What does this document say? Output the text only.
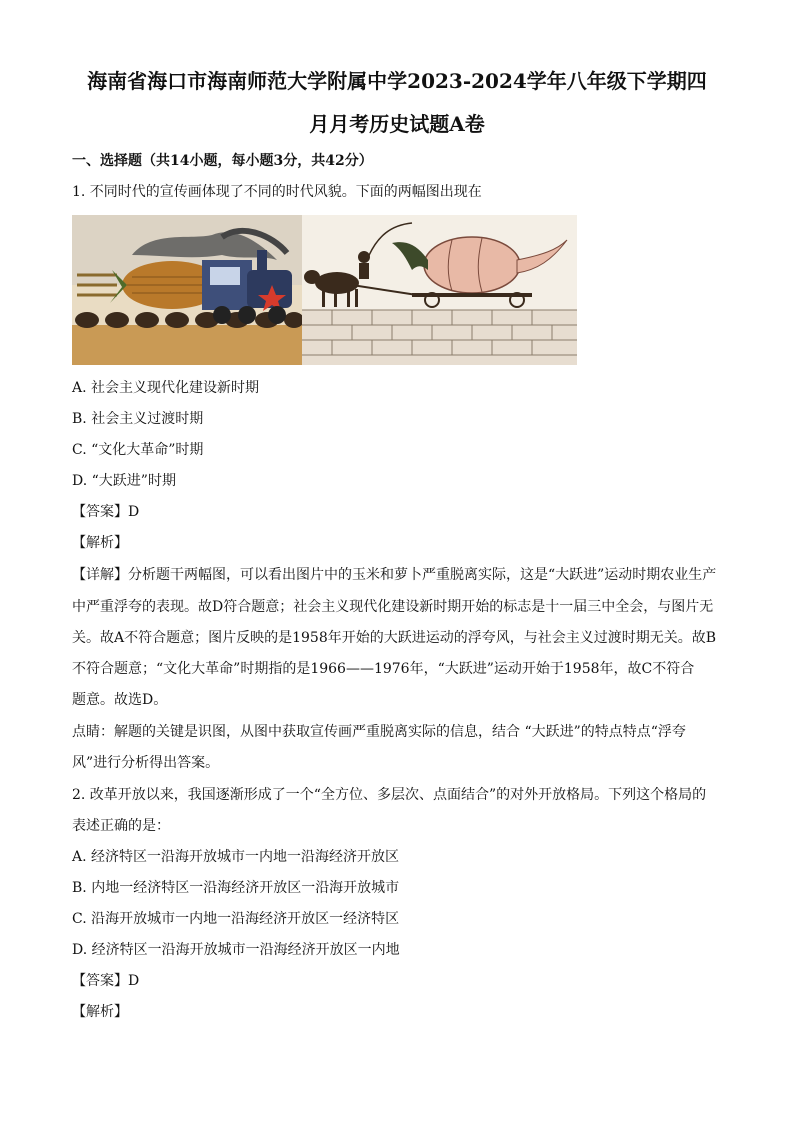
海南省海口市海南师范大学附属中学2023-2024学年八年级下学期四
月月考历史试题A卷
一、选择题（共14小题，每小题3分，共42分）
1. 不同时代的宣传画体现了不同的时代风貌。下面的两幅图出现在
A. 社会主义现代化建设新时期
B. 社会主义过渡时期
C. “文化大革命”时期
D. “大跃进”时期
【答案】D
【解析】
【详解】分析题干两幅图，可以看出图片中的玉米和萝卜严重脱离实际，这是“大跃进”运动时期农业生产
中严重浮夸的表现。故D符合题意；社会主义现代化建设新时期开始的标志是十一届三中全会，与图片无
关。故A不符合题意；图片反映的是1958年开始的大跃进运动的浮夸风，与社会主义过渡时期无关。故B
不符合题意；“文化大革命”时期指的是1966——1976年，“大跃进”运动开始于1958年，故C不符合
题意。故选D。
点睛：解题的关键是识图，从图中获取宣传画严重脱离实际的信息，结合 “大跃进”的特点特点“浮夸
风”进行分析得出答案。
2. 改革开放以来，我国逐渐形成了一个“全方位、多层次、点面结合”的对外开放格局。下列这个格局的
表述正确的是：
A. 经济特区一沿海开放城市一内地一沿海经济开放区
B. 内地一经济特区一沿海经济开放区一沿海开放城市
C. 沿海开放城市一内地一沿海经济开放区一经济特区
D. 经济特区一沿海开放城市一沿海经济开放区一内地
【答案】D
【解析】
